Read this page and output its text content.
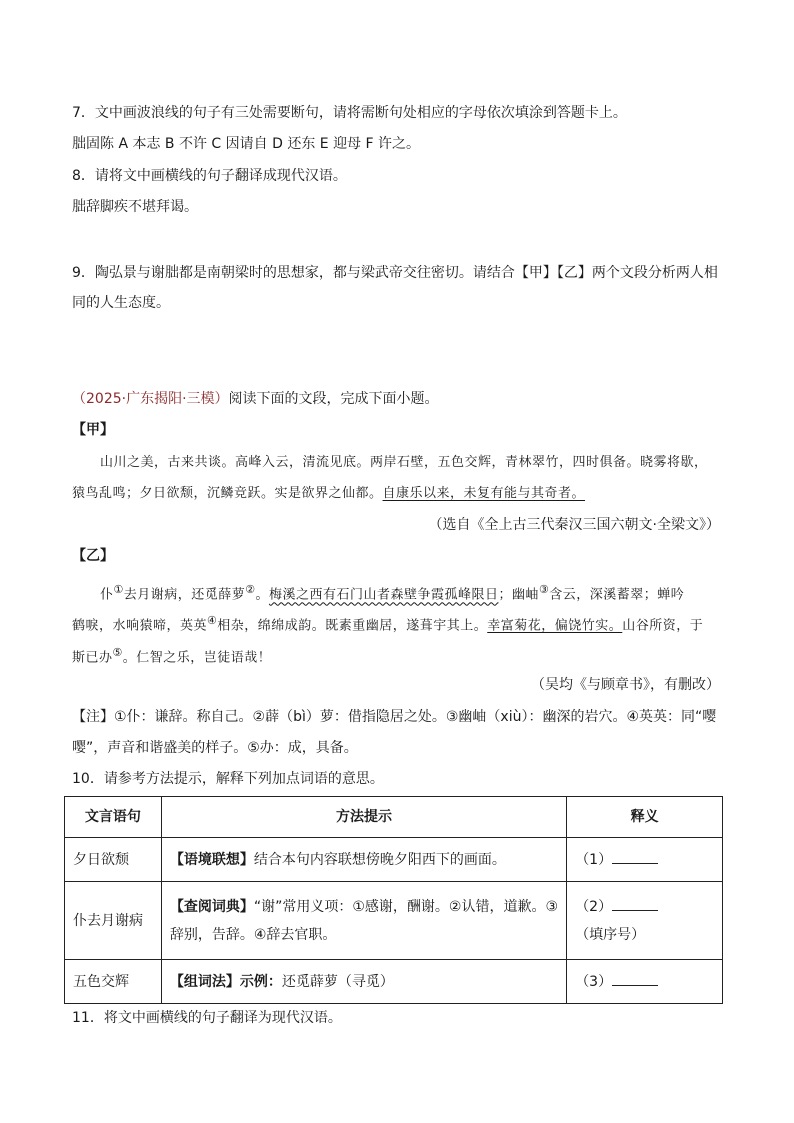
7．文中画波浪线的句子有三处需要断句，请将需断句处相应的字母依次填涂到答题卡上。
朏固陈 A 本志 B 不许 C 因请自 D 还东 E 迎母 F 许之。
8．请将文中画横线的句子翻译成现代汉语。
朏辞脚疾不堪拜谒。
9．陶弘景与谢朏都是南朝梁时的思想家，都与梁武帝交往密切。请结合【甲】【乙】两个文段分析两人相
同的人生态度。
（2025·广东揭阳·三模）阅读下面的文段，完成下面小题。
【甲】
山川之美，古来共谈。高峰入云，清流见底。两岸石壁，五色交辉，青林翠竹，四时俱备。晓雾将歇，
猿鸟乱鸣；夕日欲颓，沉鳞竞跃。实是欲界之仙都。自康乐以来，未复有能与其奇者。
（选自《全上古三代秦汉三国六朝文·全梁文》）
【乙】
仆①去月谢病，还觅薛萝②。梅溪之西有石门山者森壁争霞孤峰限日；幽岫③含云，深溪蓄翠；蝉吟
鹤唳，水响猿啼，英英④相杂，绵绵成韵。既素重幽居，遂葺宇其上。幸富菊花，偏饶竹实。山谷所资，于
斯已办⑤。仁智之乐，岂徒语哉！
（吴均《与顾章书》，有删改）
【注】①仆：谦辞。称自己。②薜（bì）萝：借指隐居之处。③幽岫（xiù）：幽深的岩穴。④英英：同“嘤
嘤”，声音和谐盛美的样子。⑤办：成，具备。
10．请参考方法提示，解释下列加点词语的意思。
文言语句	方法提示	释义
夕日欲颓	【语境联想】结合本句内容联想傍晚夕阳西下的画面。	（1）
仆去月谢病	【查阅词典】“谢”常用义项：①感谢，酬谢。②认错，道歉。③辞别，告辞。④辞去官职。	（2）
（填序号）
五色交辉	【组词法】示例：还觅薜萝（寻觅）	（3）
11．将文中画横线的句子翻译为现代汉语。
